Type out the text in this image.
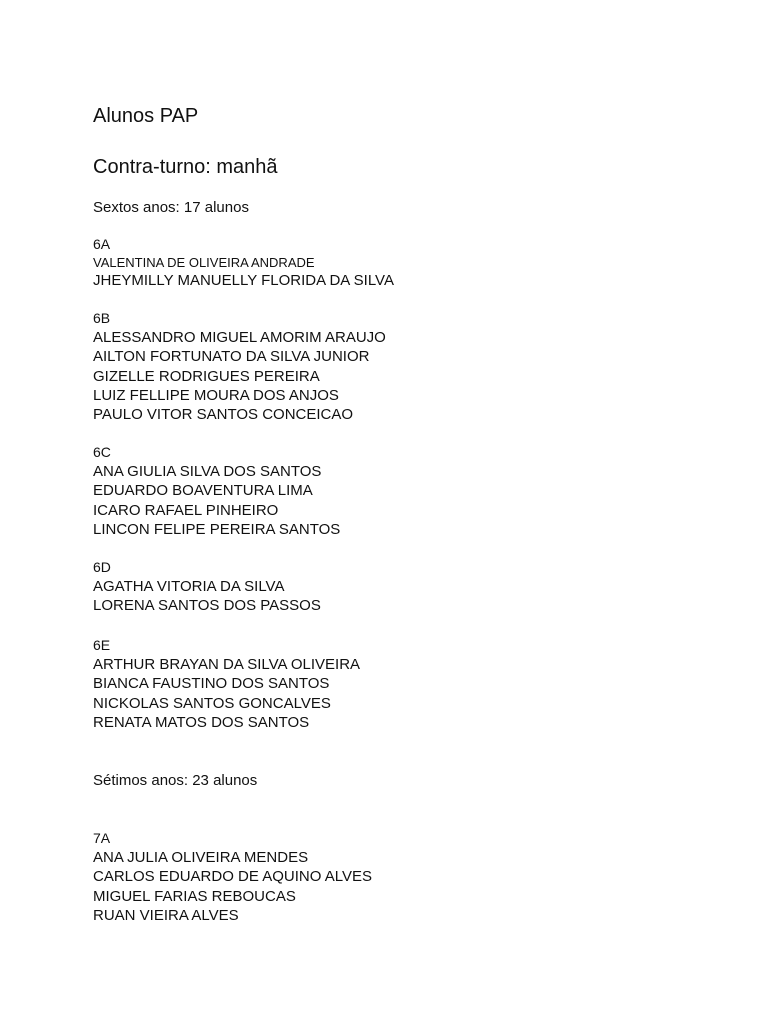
Alunos PAP
Contra-turno: manhã
Sextos anos: 17 alunos
6A
VALENTINA DE OLIVEIRA ANDRADE
JHEYMILLY MANUELLY FLORIDA DA SILVA
6B
ALESSANDRO MIGUEL AMORIM ARAUJO
AILTON FORTUNATO DA SILVA JUNIOR
GIZELLE RODRIGUES PEREIRA
LUIZ FELLIPE MOURA DOS ANJOS
PAULO VITOR SANTOS CONCEICAO
6C
ANA GIULIA SILVA DOS SANTOS
EDUARDO BOAVENTURA LIMA
ICARO RAFAEL PINHEIRO
LINCON FELIPE PEREIRA SANTOS
6D
AGATHA VITORIA DA SILVA
LORENA SANTOS DOS PASSOS
6E
ARTHUR BRAYAN DA SILVA OLIVEIRA
BIANCA FAUSTINO DOS SANTOS
NICKOLAS SANTOS GONCALVES
RENATA MATOS DOS SANTOS
Sétimos anos: 23 alunos
7A
ANA JULIA OLIVEIRA MENDES
CARLOS EDUARDO DE AQUINO ALVES
MIGUEL FARIAS REBOUCAS
RUAN VIEIRA ALVES
